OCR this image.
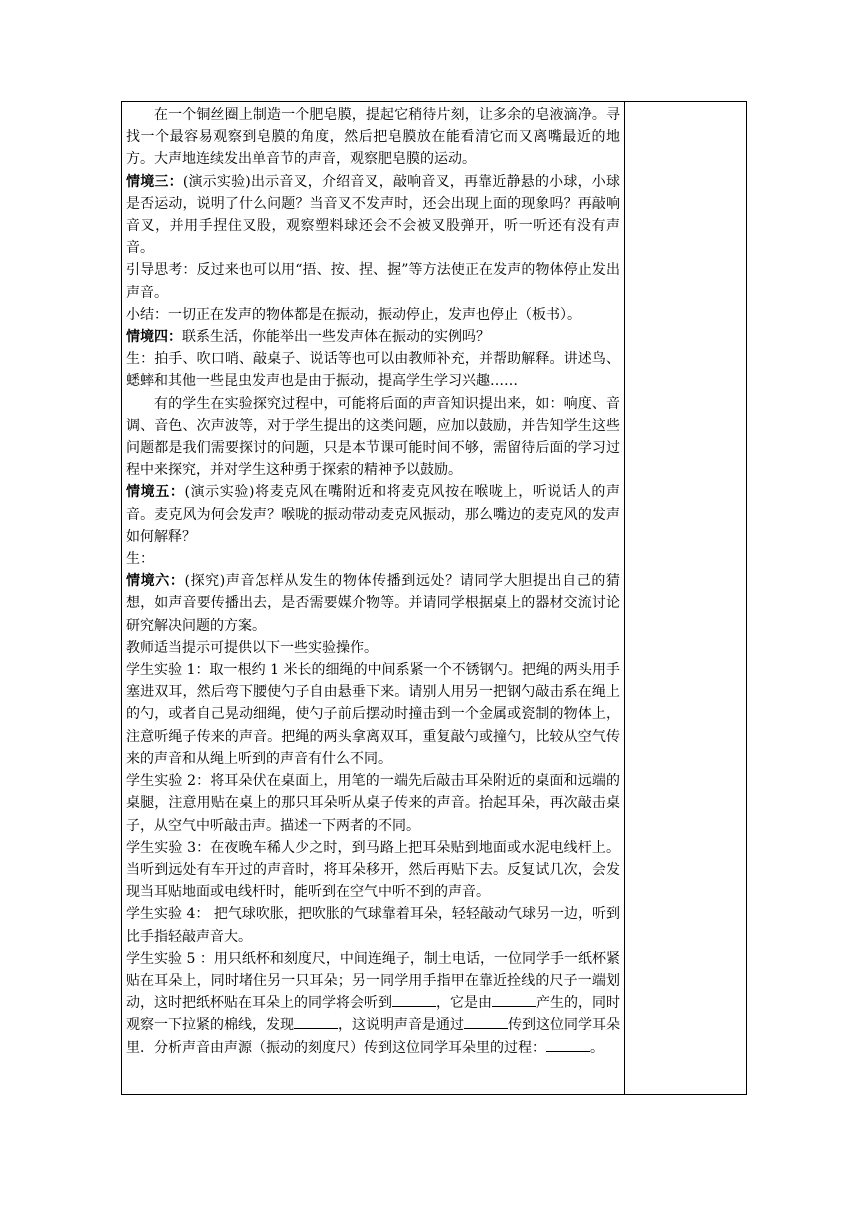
在一个铜丝圈上制造一个肥皂膜，提起它稍待片刻，让多余的皂液滴净。寻找一个最容易观察到皂膜的角度，然后把皂膜放在能看清它而又离嘴最近的地方。大声地连续发出单音节的声音，观察肥皂膜的运动。

情境三：(演示实验)出示音叉，介绍音叉，敲响音叉，再靠近静悬的小球，小球是否运动，说明了什么问题？当音叉不发声时，还会出现上面的现象吗？再敲响音叉，并用手捏住叉股，观察塑料球还会不会被叉股弹开，听一听还有没有声音。

引导思考：反过来也可以用“捂、按、捏、握”等方法使正在发声的物体停止发出声音。

小结：一切正在发声的物体都是在振动，振动停止，发声也停止（板书）。

情境四：联系生活，你能举出一些发声体在振动的实例吗？

生：拍手、吹口哨、敲桌子、说话等也可以由教师补充，并帮助解释。讲述鸟、蟋蟀和其他一些昆虫发声也是由于振动，提高学生学习兴趣……

有的学生在实验探究过程中，可能将后面的声音知识提出来，如：响度、音调、音色、次声波等，对于学生提出的这类问题，应加以鼓励，并告知学生这些问题都是我们需要探讨的问题，只是本节课可能时间不够，需留待后面的学习过程中来探究，并对学生这种勇于探索的精神予以鼓励。

情境五：(演示实验)将麦克风在嘴附近和将麦克风按在喉咙上，听说话人的声音。麦克风为何会发声？喉咙的振动带动麦克风振动，那么嘴边的麦克风的发声如何解释？

生：

情境六：(探究)声音怎样从发生的物体传播到远处？请同学大胆提出自己的猜想，如声音要传播出去，是否需要媒介物等。并请同学根据桌上的器材交流讨论研究解决问题的方案。

教师适当提示可提供以下一些实验操作。

学生实验 1：取一根约 1 米长的细绳的中间系紧一个不锈钢勺。把绳的两头用手塞进双耳，然后弯下腰使勺子自由悬垂下来。请别人用另一把钢勺敲击系在绳上的勺，或者自己晃动细绳，使勺子前后摆动时撞击到一个金属或瓷制的物体上，注意听绳子传来的声音。把绳的两头拿离双耳，重复敲勺或撞勺，比较从空气传来的声音和从绳上听到的声音有什么不同。

学生实验 2：将耳朵伏在桌面上，用笔的一端先后敲击耳朵附近的桌面和远端的桌腿，注意用贴在桌上的那只耳朵听从桌子传来的声音。抬起耳朵，再次敲击桌子，从空气中听敲击声。描述一下两者的不同。

学生实验 3：在夜晚车稀人少之时，到马路上把耳朵贴到地面或水泥电线杆上。当听到远处有车开过的声音时，将耳朵移开，然后再贴下去。反复试几次，会发现当耳贴地面或电线杆时，能听到在空气中听不到的声音。

学生实验 4： 把气球吹胀，把吹胀的气球靠着耳朵，轻轻敲动气球另一边，听到比手指轻敲声音大。

学生实验 5 ：用只纸杯和刻度尺，中间连绳子，制土电话，一位同学手一纸杯紧贴在耳朵上，同时堵住另一只耳朵；另一同学用手指甲在靠近拴线的尺子一端划动，这时把纸杯贴在耳朵上的同学将会听到	，它是由	产生的，同时观察一下拉紧的棉线，发现	，这说明声音是通过	传到这位同学耳朵里．分析声音由声源（振动的刻度尺）传到这位同学耳朵里的过程：	。
